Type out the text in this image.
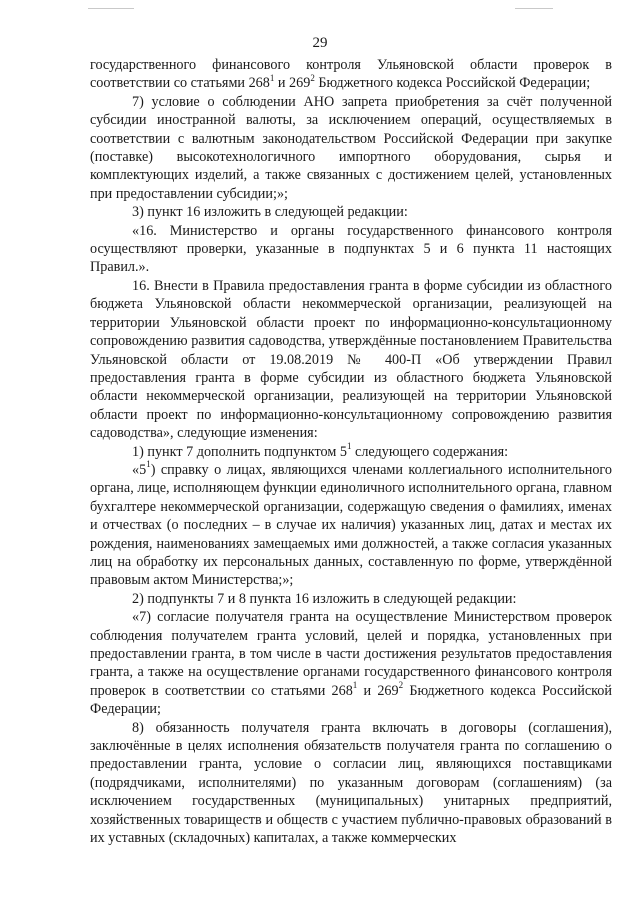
29

государственного финансового контроля Ульяновской области проверок в соответствии со статьями $268^1$ и $269^2$ Бюджетного кодекса Российской Федерации;

7) условие о соблюдении АНО запрета приобретения за счёт полученной субсидии иностранной валюты, за исключением операций, осуществляемых в соответствии с валютным законодательством Российской Федерации при закупке (поставке) высокотехнологичного импортного оборудования, сырья и комплектующих изделий, а также связанных с достижением целей, установленных при предоставлении субсидии;»;

3) пункт 16 изложить в следующей редакции:

«16. Министерство и органы государственного финансового контроля осуществляют проверки, указанные в подпунктах 5 и 6 пункта 11 настоящих Правил.».

16. Внести в Правила предоставления гранта в форме субсидии из областного бюджета Ульяновской области некоммерческой организации, реализующей на территории Ульяновской области проект по информационно-консультационному сопровождению развития садоводства, утверждённые постановлением Правительства Ульяновской области от 19.08.2019 № 400-П «Об утверждении Правил предоставления гранта в форме субсидии из областного бюджета Ульяновской области некоммерческой организации, реализующей на территории Ульяновской области проект по информационно-консультационному сопровождению развития садоводства», следующие изменения:

1) пункт 7 дополнить подпунктом $5^1$ следующего содержания:

«$5^1$) справку о лицах, являющихся членами коллегиального исполнительного органа, лице, исполняющем функции единоличного исполнительного органа, главном бухгалтере некоммерческой организации, содержащую сведения о фамилиях, именах и отчествах (о последних – в случае их наличия) указанных лиц, датах и местах их рождения, наименованиях замещаемых ими должностей, а также согласия указанных лиц на обработку их персональных данных, составленную по форме, утверждённой правовым актом Министерства;»;

2) подпункты 7 и 8 пункта 16 изложить в следующей редакции:

«7) согласие получателя гранта на осуществление Министерством проверок соблюдения получателем гранта условий, целей и порядка, установленных при предоставлении гранта, в том числе в части достижения результатов предоставления гранта, а также на осуществление органами государственного финансового контроля проверок в соответствии со статьями $268^1$ и $269^2$ Бюджетного кодекса Российской Федерации;

8) обязанность получателя гранта включать в договоры (соглашения), заключённые в целях исполнения обязательств получателя гранта по соглашению о предоставлении гранта, условие о согласии лиц, являющихся поставщиками (подрядчиками, исполнителями) по указанным договорам (соглашениям) (за исключением государственных (муниципальных) унитарных предприятий, хозяйственных товариществ и обществ с участием публично-правовых образований в их уставных (складочных) капиталах, а также коммерческих
